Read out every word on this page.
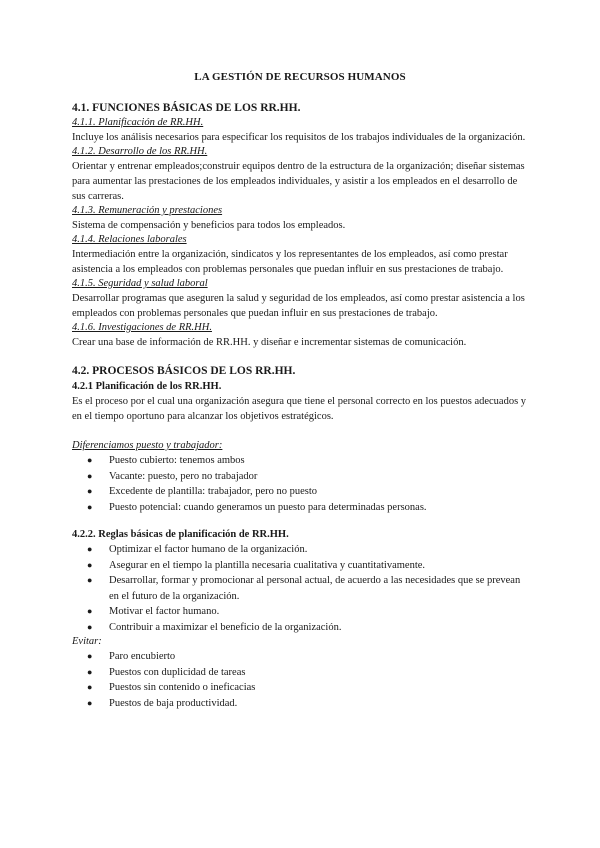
LA GESTIÓN DE RECURSOS HUMANOS

4.1. FUNCIONES BÁSICAS DE LOS RR.HH.

4.1.1. Planificación de RR.HH.

Incluye los análisis necesarios para especificar los requisitos de los trabajos individuales de la organización.

4.1.2. Desarrollo de los RR.HH.

Orientar y entrenar empleados;construir equipos dentro de la estructura de la organización; diseñar sistemas para aumentar las prestaciones de los empleados individuales, y asistir a los empleados en el desarrollo de sus carreras.

4.1.3. Remuneración y prestaciones

Sistema de compensación y beneficios para todos los empleados.

4.1.4. Relaciones laborales

Intermediación entre la organización, sindicatos y los representantes de los empleados, así como prestar asistencia a los empleados con problemas personales que puedan influir en sus prestaciones de trabajo.

4.1.5. Seguridad y salud laboral

Desarrollar programas que aseguren la salud y seguridad de los empleados, así como prestar asistencia a los empleados con problemas personales que puedan influir en sus prestaciones de trabajo.

4.1.6. Investigaciones de RR.HH.

Crear una base de información de RR.HH. y diseñar e incrementar sistemas de comunicación.

4.2. PROCESOS BÁSICOS DE LOS RR.HH.

4.2.1 Planificación de los RR.HH.

Es el proceso por el cual una organización asegura que tiene el personal correcto en los puestos adecuados y en el tiempo oportuno para alcanzar los objetivos estratégicos.

Diferenciamos puesto y trabajador:

● Puesto cubierto: tenemos ambos
● Vacante: puesto, pero no trabajador
● Excedente de plantilla: trabajador, pero no puesto
● Puesto potencial: cuando generamos un puesto para determinadas personas.

4.2.2. Reglas básicas de planificación de RR.HH.

● Optimizar el factor humano de la organización.
● Asegurar en el tiempo la plantilla necesaria cualitativa y cuantitativamente.
● Desarrollar, formar y promocionar al personal actual, de acuerdo a las necesidades que se prevean en el futuro de la organización.
● Motivar el factor humano.
● Contribuir a maximizar el beneficio de la organización.

Evitar:

● Paro encubierto
● Puestos con duplicidad de tareas
● Puestos sin contenido o ineficacias
● Puestos de baja productividad.
